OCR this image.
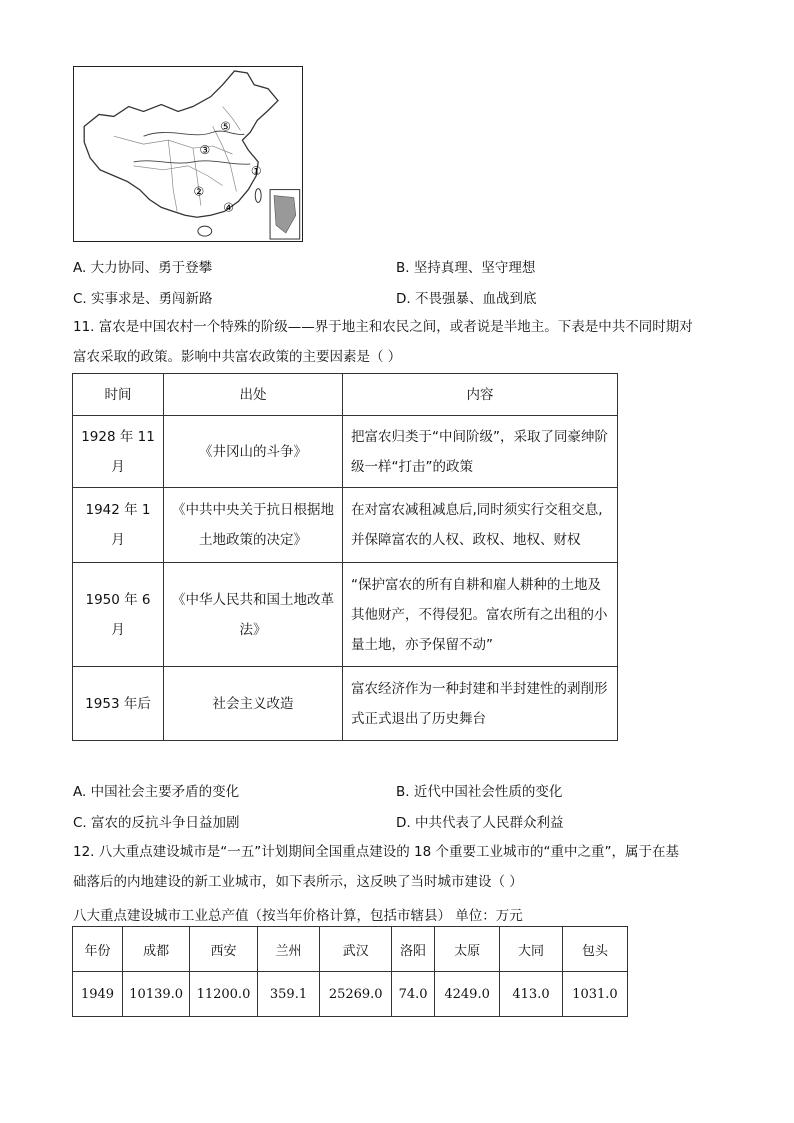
⑤
③
①
②
④
A. 大力协同、勇于登攀	B. 坚持真理、坚守理想
C. 实事求是、勇闯新路	D. 不畏强暴、血战到底
11. 富农是中国农村一个特殊的阶级——界于地主和农民之间，或者说是半地主。下表是中共不同时期对
富农采取的政策。影响中共富农政策的主要因素是（ ）
时间	出处	内容
1928 年 11 月	《井冈山的斗争》	把富农归类于“中间阶级”，采取了同豪绅阶级一样“打击”的政策
1942 年 1 月	《中共中央关于抗日根据地土地政策的决定》	在对富农减租减息后,同时须实行交租交息,并保障富农的人权、政权、地权、财权
1950 年 6 月	《中华人民共和国土地改革法》	“保护富农的所有自耕和雇人耕种的土地及其他财产，不得侵犯。富农所有之出租的小量土地，亦予保留不动”
1953 年后	社会主义改造	富农经济作为一种封建和半封建性的剥削形式正式退出了历史舞台
A. 中国社会主要矛盾的变化	B. 近代中国社会性质的变化
C. 富农的反抗斗争日益加剧	D. 中共代表了人民群众利益
12. 八大重点建设城市是“一五”计划期间全国重点建设的 18 个重要工业城市的“重中之重”，属于在基
础落后的内地建设的新工业城市，如下表所示，这反映了当时城市建设（ ）
八大重点建设城市工业总产值（按当年价格计算，包括市辖县） 单位：万元
年份	成都	西安	兰州	武汉	洛阳	太原	大同	包头
1949	10139.0	11200.0	359.1	25269.0	74.0	4249.0	413.0	1031.0
